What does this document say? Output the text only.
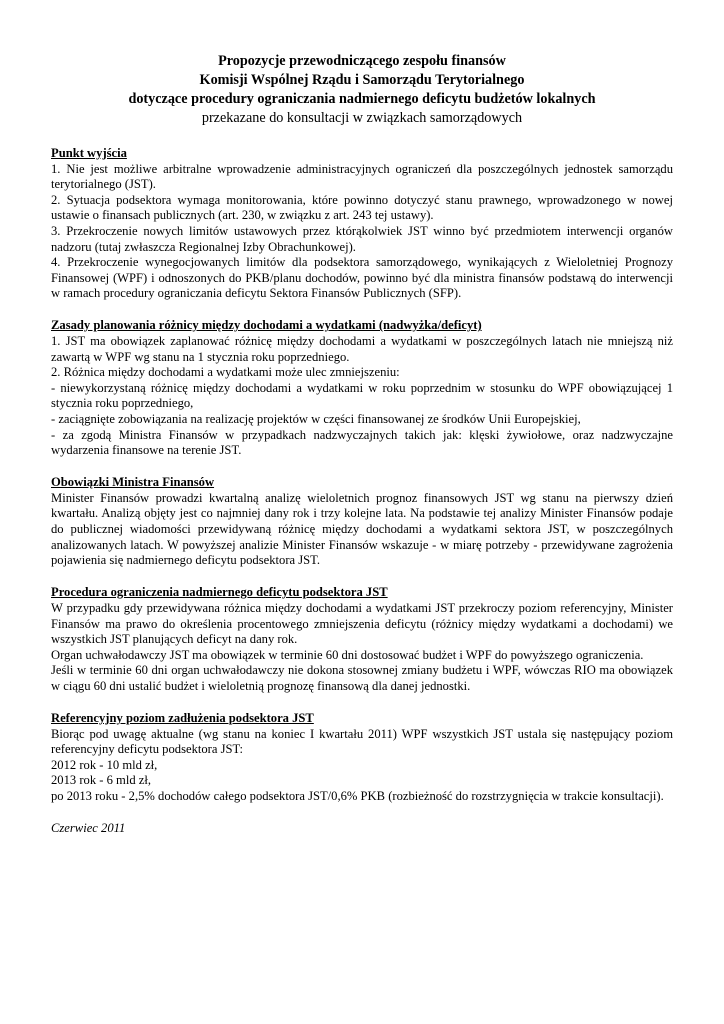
Propozycje przewodniczącego zespołu finansów
Komisji Wspólnej Rządu i Samorządu Terytorialnego
dotyczące procedury ograniczania nadmiernego deficytu budżetów lokalnych
przekazane do konsultacji w związkach samorządowych
Punkt wyjścia
1. Nie jest możliwe arbitralne wprowadzenie administracyjnych ograniczeń dla poszczególnych jednostek samorządu terytorialnego (JST).
2. Sytuacja podsektora wymaga monitorowania, które powinno dotyczyć stanu prawnego, wprowadzonego w nowej ustawie o finansach publicznych (art. 230, w związku z art. 243 tej ustawy).
3. Przekroczenie nowych limitów ustawowych przez którąkolwiek JST winno być przedmiotem interwencji organów nadzoru (tutaj zwłaszcza Regionalnej Izby Obrachunkowej).
4. Przekroczenie wynegocjowanych limitów dla podsektora samorządowego, wynikających z Wieloletniej Prognozy Finansowej (WPF) i odnoszonych do PKB/planu dochodów, powinno być dla ministra finansów podstawą do interwencji w ramach procedury ograniczania deficytu Sektora Finansów Publicznych (SFP).
Zasady planowania różnicy między dochodami a wydatkami (nadwyżka/deficyt)
1. JST ma obowiązek zaplanować różnicę między dochodami a wydatkami w poszczególnych latach nie mniejszą niż zawartą w WPF wg stanu na 1 stycznia roku poprzedniego.
2. Różnica między dochodami a wydatkami może ulec zmniejszeniu:
- niewykorzystaną różnicę między dochodami a wydatkami w roku poprzednim w stosunku do WPF obowiązującej 1 stycznia roku poprzedniego,
- zaciągnięte zobowiązania na realizację projektów w części finansowanej ze środków Unii Europejskiej,
- za zgodą Ministra Finansów w przypadkach nadzwyczajnych takich jak: klęski żywiołowe, oraz nadzwyczajne wydarzenia finansowe na terenie JST.
Obowiązki Ministra Finansów
Minister Finansów prowadzi kwartalną analizę wieloletnich prognoz finansowych JST wg stanu na pierwszy dzień kwartału. Analizą objęty jest co najmniej dany rok i trzy kolejne lata. Na podstawie tej analizy Minister Finansów podaje do publicznej wiadomości przewidywaną różnicę między dochodami a wydatkami sektora JST, w poszczególnych analizowanych latach. W powyższej analizie Minister Finansów wskazuje - w miarę potrzeby - przewidywane zagrożenia pojawienia się nadmiernego deficytu podsektora JST.
Procedura ograniczenia nadmiernego deficytu podsektora JST
W przypadku gdy przewidywana różnica między dochodami a wydatkami JST przekroczy poziom referencyjny, Minister Finansów ma prawo do określenia procentowego zmniejszenia deficytu (różnicy między wydatkami a dochodami) we wszystkich JST planujących deficyt na dany rok.
Organ uchwałodawczy JST ma obowiązek w terminie 60 dni dostosować budżet i WPF do powyższego ograniczenia.
Jeśli w terminie 60 dni organ uchwałodawczy nie dokona stosownej zmiany budżetu i WPF, wówczas RIO ma obowiązek w ciągu 60 dni ustalić budżet i wieloletnią prognozę finansową dla danej jednostki.
Referencyjny poziom zadłużenia podsektora JST
Biorąc pod uwagę aktualne (wg stanu na koniec I kwartału 2011) WPF wszystkich JST ustala się następujący poziom referencyjny deficytu podsektora JST:
2012 rok - 10 mld zł,
2013 rok - 6 mld zł,
po 2013 roku - 2,5% dochodów całego podsektora JST/0,6% PKB (rozbieżność do rozstrzygnięcia w trakcie konsultacji).
Czerwiec 2011
